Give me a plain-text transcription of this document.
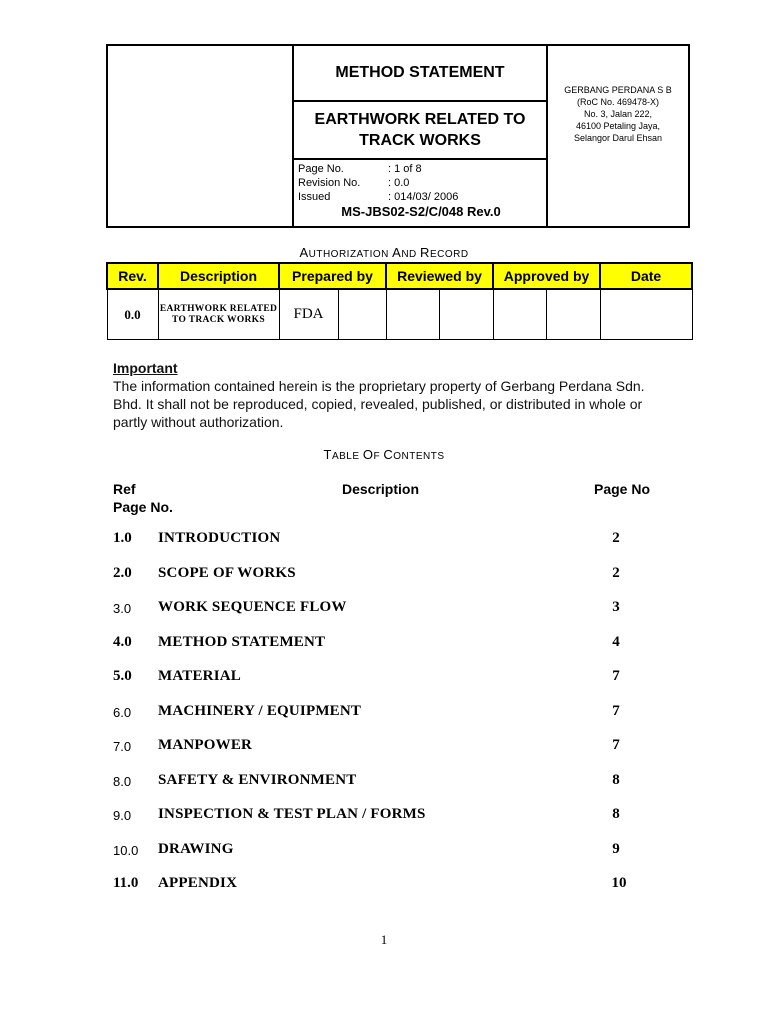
METHOD STATEMENT
EARTHWORK RELATED TO TRACK WORKS
Page No.	: 1 of 8
Revision No.	: 0.0
Issued	: 014/03/ 2006
MS-JBS02-S2/C/048 Rev.0
GERBANG PERDANA S B
(RoC No. 469478-X)
No. 3, Jalan 222,
46100 Petaling Jaya,
Selangor Darul Ehsan
AUTHORIZATION AND RECORD
Rev.	Description	Prepared by		Reviewed by		Approved by		Date
0.0	EARTHWORK RELATED TO TRACK WORKS	FDA						
Important
The information contained herein is the proprietary property of Gerbang Perdana Sdn. Bhd. It shall not be reproduced, copied, revealed, published, or distributed in whole or partly without authorization.
TABLE OF CONTENTS
Ref	Description	Page No
Page No.
1.0 INTRODUCTION	2
2.0 SCOPE OF WORKS	2
3.0 WORK SEQUENCE FLOW	3
4.0 METHOD STATEMENT	4
5.0 MATERIAL	7
6.0 MACHINERY / EQUIPMENT	7
7.0 MANPOWER	7
8.0 SAFETY & ENVIRONMENT	8
9.0 INSPECTION & TEST PLAN / FORMS	8
10.0 DRAWING	9
11.0 APPENDIX	10
1
